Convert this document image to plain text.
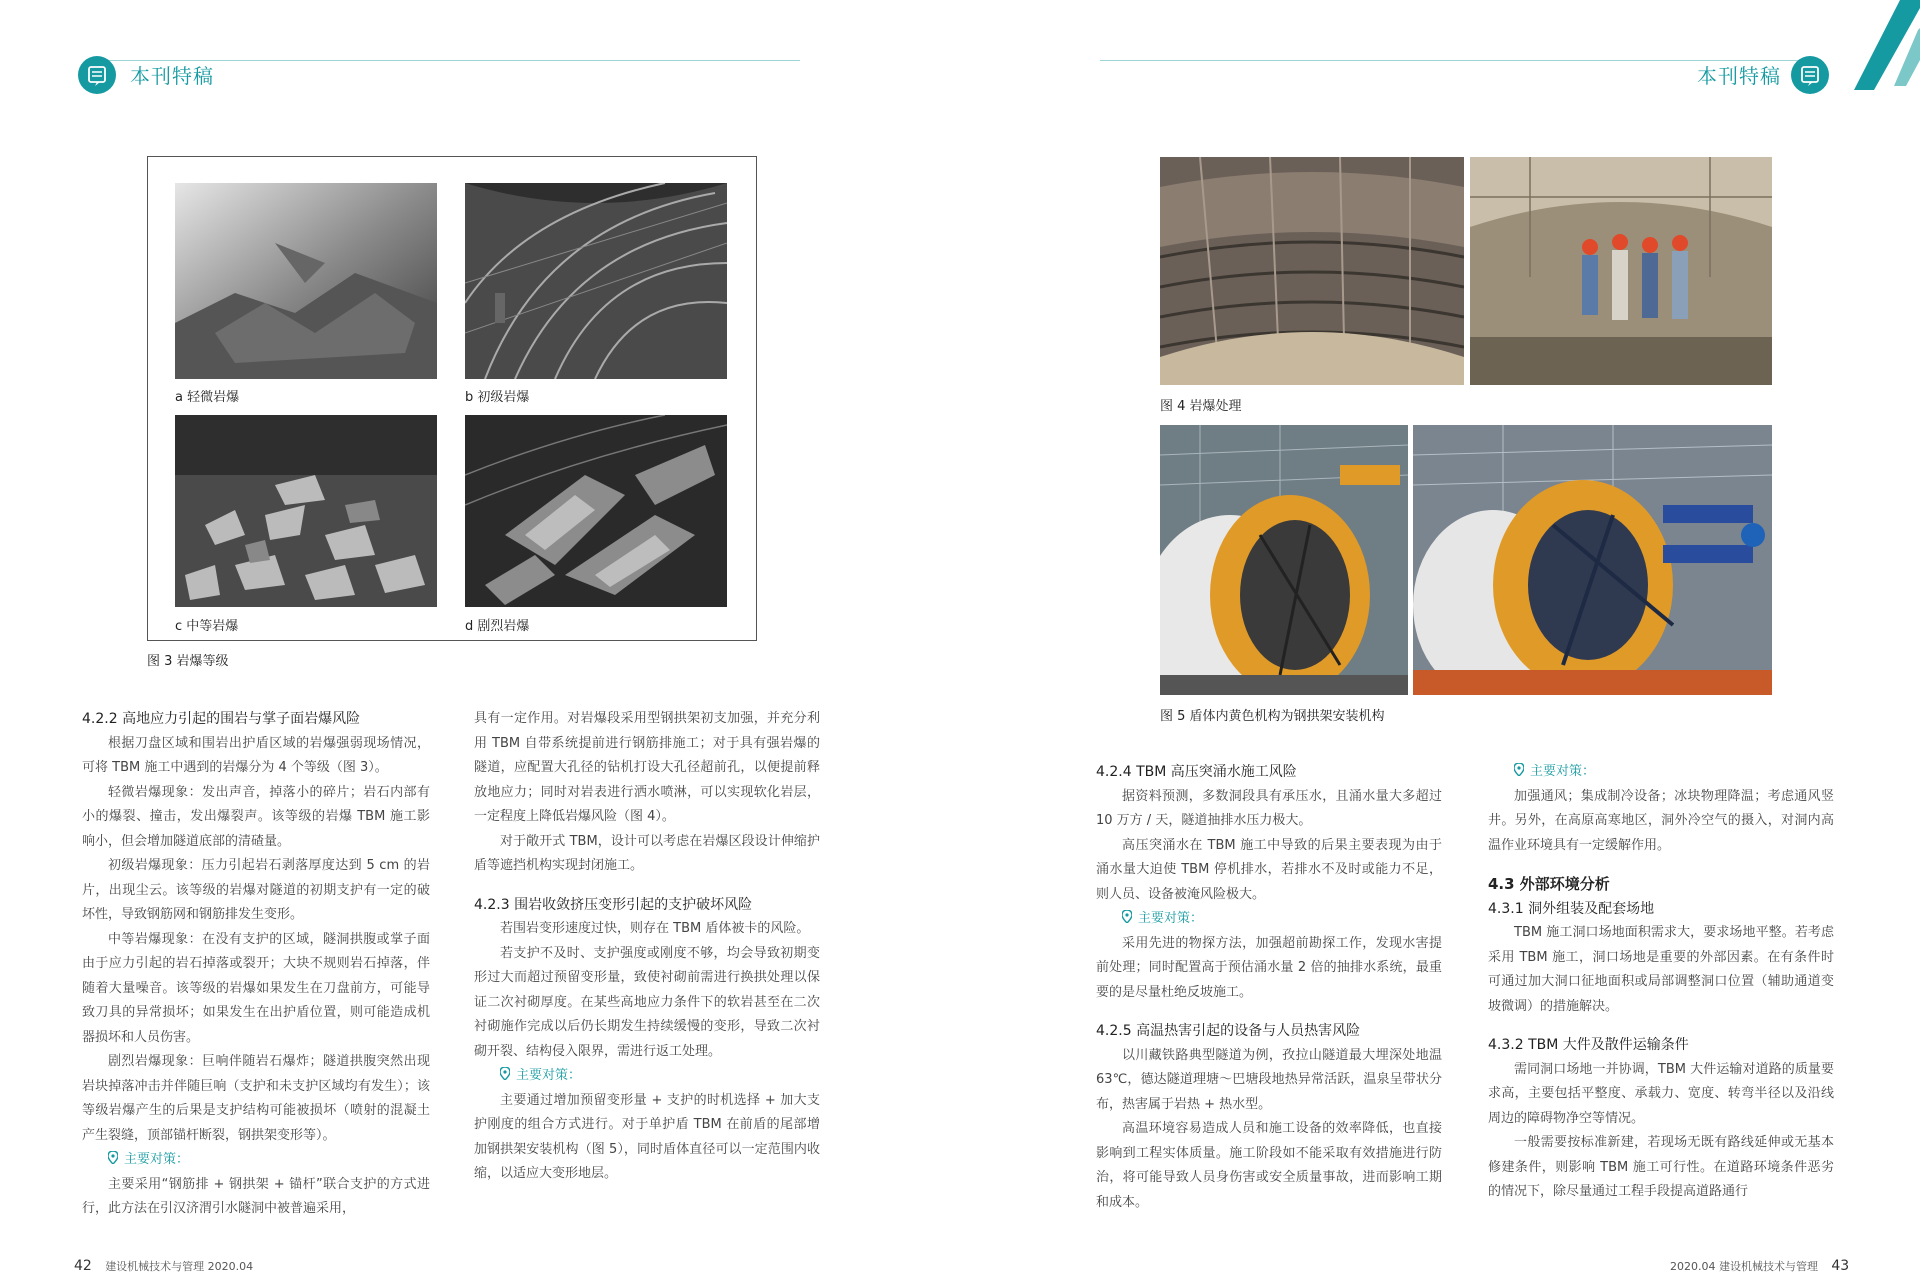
本刊特稿	本刊特稿
a 轻微岩爆	b 初级岩爆
c 中等岩爆	d 剧烈岩爆
图 3 岩爆等级
图 4 岩爆处理
图 5 盾体内黄色机构为钢拱架安装机构

4.2.2 高地应力引起的围岩与掌子面岩爆风险

根据刀盘区域和围岩出护盾区域的岩爆强弱现场情况，可将 TBM 施工中遇到的岩爆分为 4 个等级（图 3）。

轻微岩爆现象：发出声音，掉落小的碎片；岩石内部有小的爆裂、撞击，发出爆裂声。该等级的岩爆 TBM 施工影响小，但会增加隧道底部的清碴量。

初级岩爆现象：压力引起岩石剥落厚度达到 5 cm 的岩片，出现尘云。该等级的岩爆对隧道的初期支护有一定的破坏性，导致钢筋网和钢筋排发生变形。

中等岩爆现象：在没有支护的区域，隧洞拱腹或掌子面由于应力引起的岩石掉落或裂开；大块不规则岩石掉落，伴随着大量噪音。该等级的岩爆如果发生在刀盘前方，可能导致刀具的异常损坏；如果发生在出护盾位置，则可能造成机器损坏和人员伤害。

剧烈岩爆现象：巨响伴随岩石爆炸；隧道拱腹突然出现岩块掉落冲击并伴随巨响（支护和未支护区域均有发生）；该等级岩爆产生的后果是支护结构可能被损坏（喷射的混凝土产生裂缝，顶部锚杆断裂，钢拱架变形等）。

主要对策：

主要采用“钢筋排 + 钢拱架 + 锚杆”联合支护的方式进行，此方法在引汉济渭引水隧洞中被普遍采用，

具有一定作用。对岩爆段采用型钢拱架初支加强，并充分利用 TBM 自带系统提前进行钢筋排施工；对于具有强岩爆的隧道，应配置大孔径的钻机打设大孔径超前孔，以便提前释放地应力；同时对岩表进行洒水喷淋，可以实现软化岩层，一定程度上降低岩爆风险（图 4）。

对于敞开式 TBM，设计可以考虑在岩爆区段设计伸缩护盾等遮挡机构实现封闭施工。

4.2.3 围岩收敛挤压变形引起的支护破坏风险

若围岩变形速度过快，则存在 TBM 盾体被卡的风险。

若支护不及时、支护强度或刚度不够，均会导致初期变形过大而超过预留变形量，致使衬砌前需进行换拱处理以保证二次衬砌厚度。在某些高地应力条件下的软岩甚至在二次衬砌施作完成以后仍长期发生持续缓慢的变形，导致二次衬砌开裂、结构侵入限界，需进行返工处理。

主要对策：

主要通过增加预留变形量 + 支护的时机选择 + 加大支护刚度的组合方式进行。对于单护盾 TBM 在前盾的尾部增加钢拱架安装机构（图 5），同时盾体直径可以一定范围内收缩，以适应大变形地层。

4.2.4 TBM 高压突涌水施工风险

据资料预测，多数洞段具有承压水，且涌水量大多超过 10 万方 / 天，隧道抽排水压力极大。

高压突涌水在 TBM 施工中导致的后果主要表现为由于涌水量大迫使 TBM 停机排水，若排水不及时或能力不足，则人员、设备被淹风险极大。

主要对策：

采用先进的物探方法，加强超前勘探工作，发现水害提前处理；同时配置高于预估涌水量 2 倍的抽排水系统，最重要的是尽量杜绝反坡施工。

4.2.5 高温热害引起的设备与人员热害风险

以川藏铁路典型隧道为例，孜拉山隧道最大埋深处地温 63℃，德达隧道理塘～巴塘段地热异常活跃，温泉呈带状分布，热害属于岩热 + 热水型。

高温环境容易造成人员和施工设备的效率降低，也直接影响到工程实体质量。施工阶段如不能采取有效措施进行防治，将可能导致人员身伤害或安全质量事故，进而影响工期和成本。

主要对策：

加强通风；集成制冷设备；冰块物理降温；考虑通风竖井。另外，在高原高寒地区，洞外冷空气的摄入，对洞内高温作业环境具有一定缓解作用。

4.3 外部环境分析

4.3.1 洞外组装及配套场地

TBM 施工洞口场地面积需求大，要求场地平整。若考虑采用 TBM 施工，洞口场地是重要的外部因素。在有条件时可通过加大洞口征地面积或局部调整洞口位置（辅助通道变坡微调）的措施解决。

4.3.2 TBM 大件及散件运输条件

需同洞口场地一并协调，TBM 大件运输对道路的质量要求高，主要包括平整度、承载力、宽度、转弯半径以及沿线周边的障碍物净空等情况。

一般需要按标准新建，若现场无既有路线延伸或无基本修建条件，则影响 TBM 施工可行性。在道路环境条件恶劣的情况下，除尽量通过工程手段提高道路通行

42 建设机械技术与管理 2020.04	2020.04 建设机械技术与管理 43
